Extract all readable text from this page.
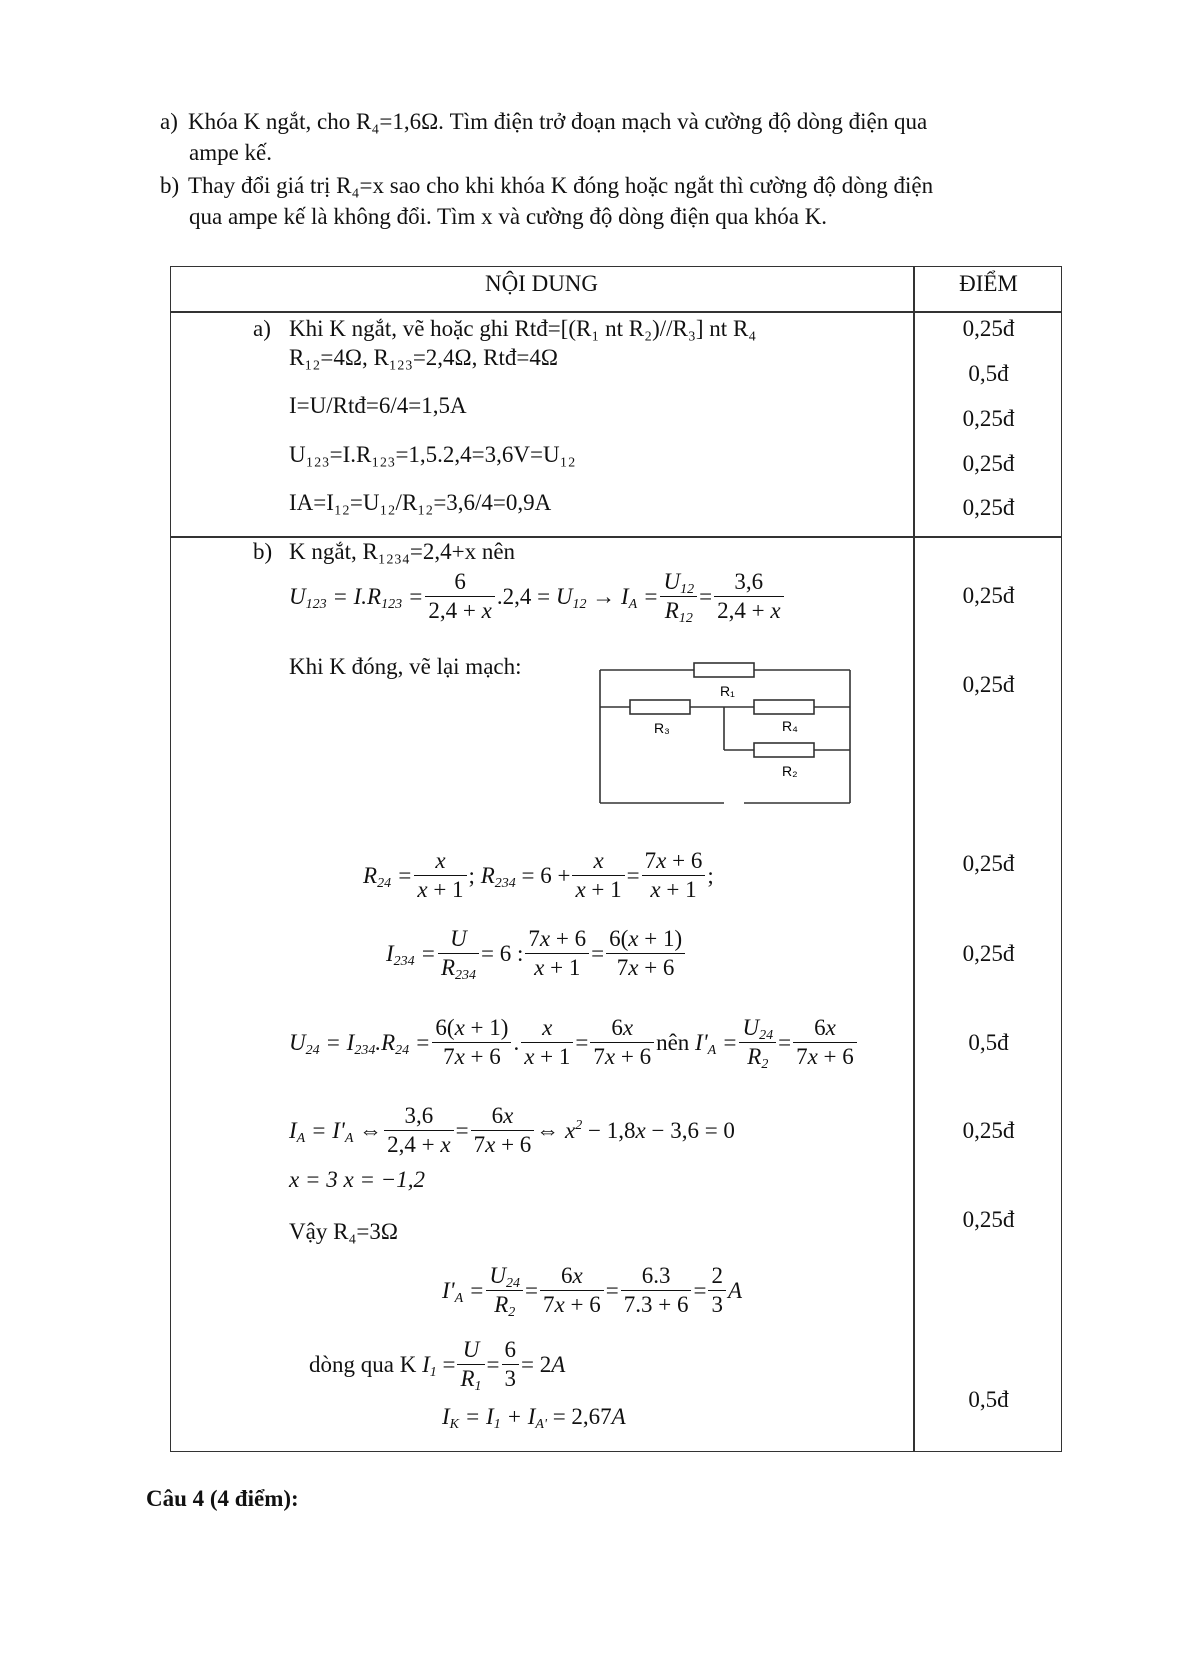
a) Khóa K ngắt, cho R₄=1,6Ω. Tìm điện trở đoạn mạch và cường độ dòng điện qua
ampe kế.
b) Thay đổi giá trị R₄=x sao cho khi khóa K đóng hoặc ngắt thì cường độ dòng điện
qua ampe kế là không đổi. Tìm x và cường độ dòng điện qua khóa K.
NỘI DUNG	ĐIỂM
a) Khi K ngắt, vẽ hoặc ghi Rtđ=[(R₁ nt R₂)//R₃] nt R₄
R₁₂=4Ω, R₁₂₃=2,4Ω, Rtđ=4Ω
I=U/Rtđ=6/4=1,5A
U₁₂₃=I.R₁₂₃=1,5.2,4=3,6V=U₁₂
IA=I₁₂=U₁₂/R₁₂=3,6/4=0,9A
0,25đ
0,5đ
0,25đ
0,25đ
0,25đ
b) K ngắt, R₁₂₃₄=2,4+x nên
$U_{123} = I.R_{123} = \frac{6}{2,4 + x} .2,4 = U_{12} \to I_A = \frac{U_{12}}{R_{12}} = \frac{3,6}{2,4 + x}$
Khi K đóng, vẽ lại mạch:
R₁
R₃	R₄
R₂
$R_{24} = \frac{x}{x + 1}$ ; $R_{234} = 6 + \frac{x}{x + 1} = \frac{7x + 6}{x + 1}$ ;
$I_{234} = \frac{U}{R_{234}} = 6$ : $\frac{7x + 6}{x + 1} = \frac{6(x + 1)}{7x + 6}$
$U_{24} = I_{234}.R_{24} = \frac{6(x + 1)}{7x + 6}$ . $\frac{x}{x + 1} = \frac{6x}{7x + 6}$ nên $I'_A = \frac{U_{24}}{R_2} = \frac{6x}{7x + 6}$
$I_A = I'_A$ ⇔ $\frac{3,6}{2,4 + x} = \frac{6x}{7x + 6}$ ⇔ $x^2 - 1,8x - 3,6 = 0$
x = 3 x = −1,2
Vậy R₄=3Ω
$I'_A = \frac{U_{24}}{R_2} = \frac{6x}{7x + 6} = \frac{6.3}{7.3 + 6} = \frac{2}{3}$ A
dòng qua K $I_1 = \frac{U}{R_1} = \frac{6}{3} = 2A$
$I_K = I_1 + I_{A'} = 2,67A$
0,25đ
0,25đ
0,25đ
0,25đ
0,5đ
0,25đ
0,25đ
0,5đ
Câu 4 (4 điểm):
